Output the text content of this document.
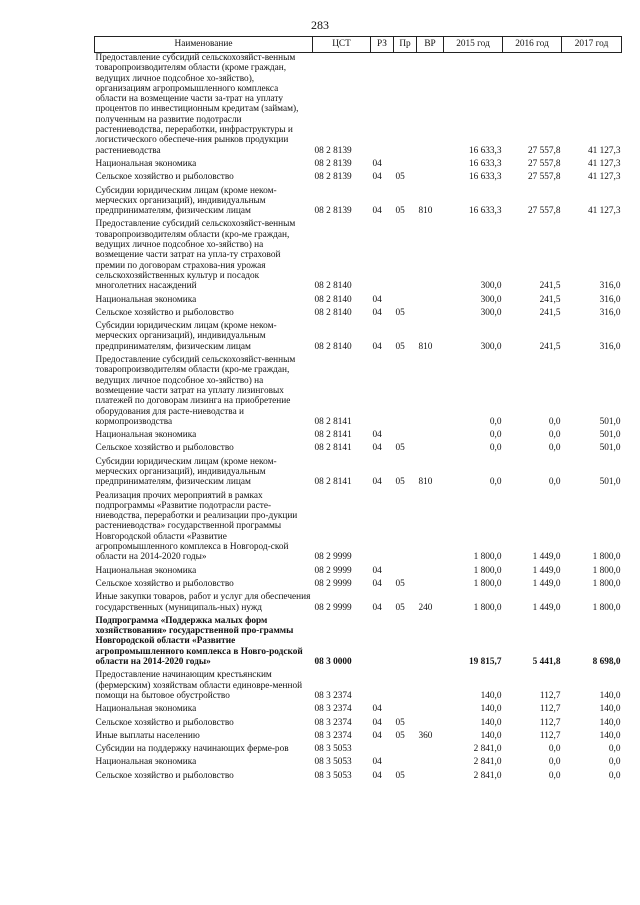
283
Наименование	ЦСТ	РЗ	Пр	ВР	2015 год	2016 год	2017 год
Предоставление субсидий сельскохозяйст-венным товаропроизводителям области (кроме граждан, ведущих личное подсобное хо-зяйство), организациям агропромышленного комплекса области на возмещение части за-трат на уплату процентов по инвестиционным кредитам (займам), полученным на развитие подотрасли растениеводства, переработки, инфраструктуры и логистического обеспече-ния рынков продукции растениеводства	08 2 8139				16 633,3	27 557,8	41 127,3
Национальная экономика	08 2 8139	04			16 633,3	27 557,8	41 127,3
Сельское хозяйство и рыболовство	08 2 8139	04	05		16 633,3	27 557,8	41 127,3
Субсидии юридическим лицам (кроме неком-мерческих организаций), индивидуальным предпринимателям, физическим лицам	08 2 8139	04	05	810	16 633,3	27 557,8	41 127,3
Предоставление субсидий сельскохозяйст-венным товаропроизводителям области (кро-ме граждан, ведущих личное подсобное хо-зяйство) на возмещение части затрат на упла-ту страховой премии по договорам страхова-ния урожая сельскохозяйственных культур и посадок многолетних насаждений	08 2 8140				300,0	241,5	316,0
Национальная экономика	08 2 8140	04			300,0	241,5	316,0
Сельское хозяйство и рыболовство	08 2 8140	04	05		300,0	241,5	316,0
Субсидии юридическим лицам (кроме неком-мерческих организаций), индивидуальным предпринимателям, физическим лицам	08 2 8140	04	05	810	300,0	241,5	316,0
Предоставление субсидий сельскохозяйст-венным товаропроизводителям области (кро-ме граждан, ведущих личное подсобное хо-зяйство) на возмещение части затрат на уплату лизинговых платежей по договорам лизинга на приобретение оборудования для расте-ниеводства и кормопроизводства	08 2 8141				0,0	0,0	501,0
Национальная экономика	08 2 8141	04			0,0	0,0	501,0
Сельское хозяйство и рыболовство	08 2 8141	04	05		0,0	0,0	501,0
Субсидии юридическим лицам (кроме неком-мерческих организаций), индивидуальным предпринимателям, физическим лицам	08 2 8141	04	05	810	0,0	0,0	501,0
Реализация прочих мероприятий в рамках подпрограммы «Развитие подотрасли расте-ниеводства, переработки и реализации про-дукции растениеводства» государственной программы Новгородской области «Развитие агропромышленного комплекса в Новгород-ской области на 2014-2020 годы»	08 2 9999				1 800,0	1 449,0	1 800,0
Национальная экономика	08 2 9999	04			1 800,0	1 449,0	1 800,0
Сельское хозяйство и рыболовство	08 2 9999	04	05		1 800,0	1 449,0	1 800,0
Иные закупки товаров, работ и услуг для обеспечения государственных (муниципаль-ных) нужд	08 2 9999	04	05	240	1 800,0	1 449,0	1 800,0
Подпрограмма «Поддержка малых форм хозяйствования» государственной про-граммы Новгородской области «Развитие агропромышленного комплекса в Новго-родской области на 2014-2020 годы»	08 3 0000				19 815,7	5 441,8	8 698,0
Предоставление начинающим крестьянским (фермерским) хозяйствам области единовре-менной помощи на бытовое обустройство	08 3 2374				140,0	112,7	140,0
Национальная экономика	08 3 2374	04			140,0	112,7	140,0
Сельское хозяйство и рыболовство	08 3 2374	04	05		140,0	112,7	140,0
Иные выплаты населению	08 3 2374	04	05	360	140,0	112,7	140,0
Субсидии на поддержку начинающих ферме-ров	08 3 5053				2 841,0	0,0	0,0
Национальная экономика	08 3 5053	04			2 841,0	0,0	0,0
Сельское хозяйство и рыболовство	08 3 5053	04	05		2 841,0	0,0	0,0
